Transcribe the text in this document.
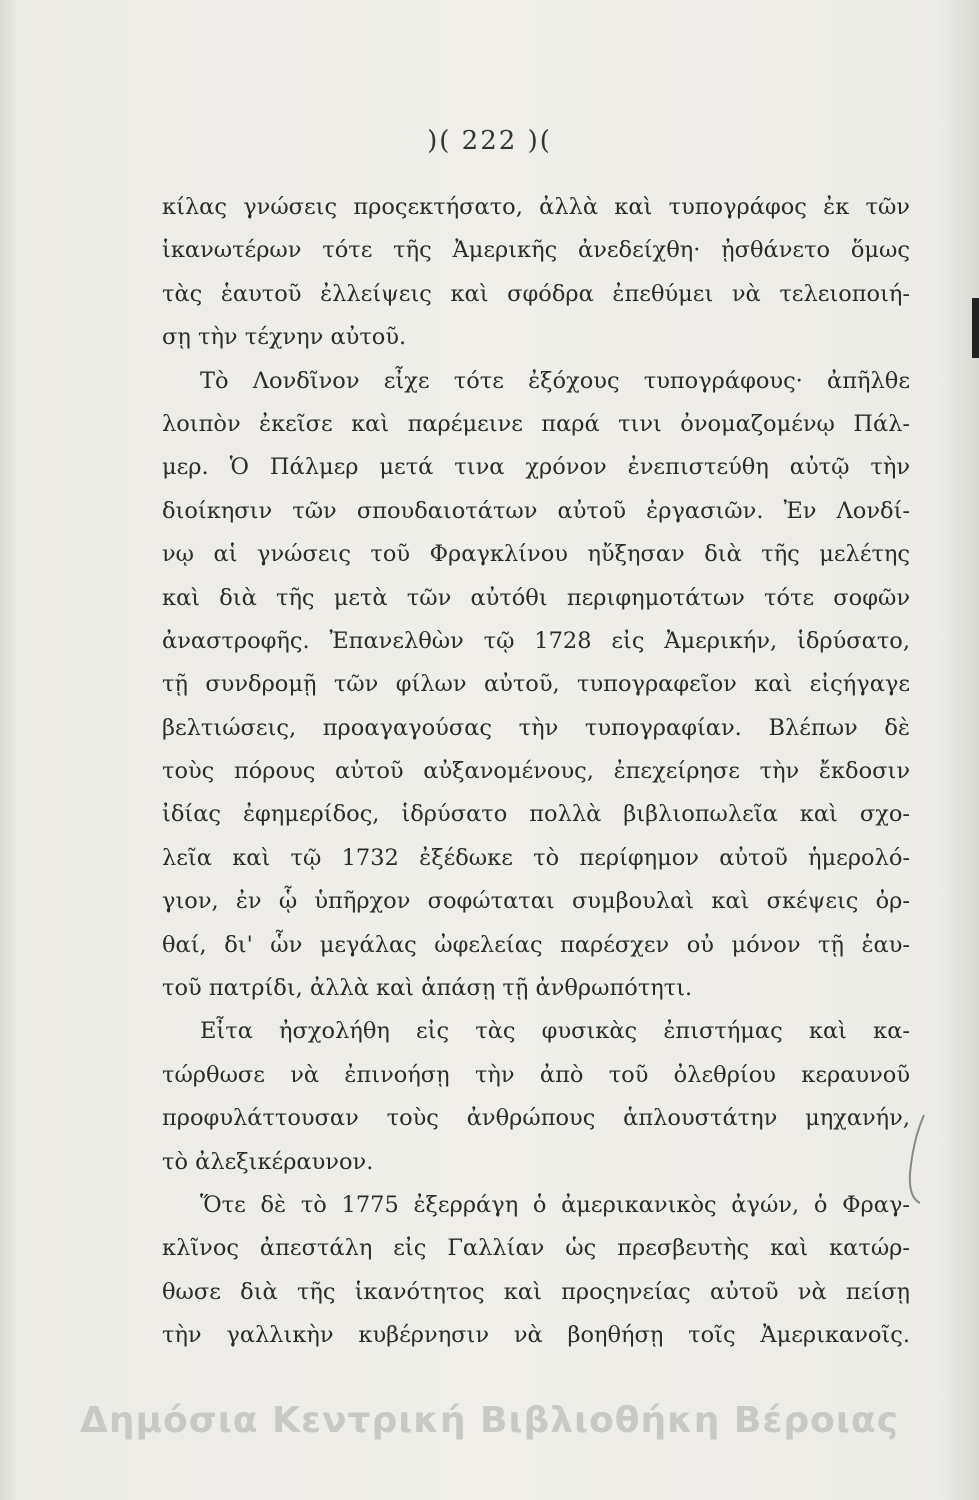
)( 222 )(
κίλας γνώσεις προςεκτήσατο, ἀλλὰ καὶ τυπογράφος ἐκ τῶν
ἱκανωτέρων τότε τῆς Ἀμερικῆς ἀνεδείχθη· ᾐσθάνετο ὅμως
τὰς ἑαυτοῦ ἐλλείψεις καὶ σφόδρα ἐπεθύμει νὰ τελειοποιή-
σῃ τὴν τέχνην αὐτοῦ.
Τὸ Λονδῖνον εἶχε τότε ἐξόχους τυπογράφους· ἀπῆλθε
λοιπὸν ἐκεῖσε καὶ παρέμεινε παρά τινι ὀνομαζομένῳ Πάλ-
μερ. Ὁ Πάλμερ μετά τινα χρόνον ἐνεπιστεύθη αὐτῷ τὴν
διοίκησιν τῶν σπουδαιοτάτων αὐτοῦ ἐργασιῶν. Ἐν Λονδί-
νῳ αἱ γνώσεις τοῦ Φραγκλίνου ηὔξησαν διὰ τῆς μελέτης
καὶ διὰ τῆς μετὰ τῶν αὐτόθι περιφημοτάτων τότε σοφῶν
ἀναστροφῆς. Ἐπανελθὼν τῷ 1728 εἰς Ἀμερικήν, ἱδρύσατο,
τῇ συνδρομῇ τῶν φίλων αὐτοῦ, τυπογραφεῖον καὶ εἰςήγαγε
βελτιώσεις, προαγαγούσας τὴν τυπογραφίαν. Βλέπων δὲ
τοὺς πόρους αὐτοῦ αὐξανομένους, ἐπεχείρησε τὴν ἔκδοσιν
ἰδίας ἐφημερίδος, ἱδρύσατο πολλὰ βιβλιοπωλεῖα καὶ σχο-
λεῖα καὶ τῷ 1732 ἐξέδωκε τὸ περίφημον αὐτοῦ ἡμερολό-
γιον, ἐν ᾧ ὑπῆρχον σοφώταται συμβουλαὶ καὶ σκέψεις ὀρ-
θαί, δι' ὧν μεγάλας ὠφελείας παρέσχεν οὐ μόνον τῇ ἑαυ-
τοῦ πατρίδι, ἀλλὰ καὶ ἁπάσῃ τῇ ἀνθρωπότητι.
Εἶτα ἠσχολήθη εἰς τὰς φυσικὰς ἐπιστήμας καὶ κα-
τώρθωσε νὰ ἐπινοήσῃ τὴν ἀπὸ τοῦ ὀλεθρίου κεραυνοῦ
προφυλάττουσαν τοὺς ἀνθρώπους ἁπλουστάτην μηχανήν,
τὸ ἀλεξικέραυνον.
Ὅτε δὲ τὸ 1775 ἐξερράγη ὁ ἀμερικανικὸς ἀγών, ὁ Φραγ-
κλῖνος ἀπεστάλη εἰς Γαλλίαν ὡς πρεσβευτὴς καὶ κατώρ-
θωσε διὰ τῆς ἱκανότητος καὶ προςηνείας αὐτοῦ νὰ πείσῃ
τὴν γαλλικὴν κυβέρνησιν νὰ βοηθήσῃ τοῖς Ἀμερικανοῖς.
Δημόσια Κεντρική Βιβλιοθήκη Βέροιας
